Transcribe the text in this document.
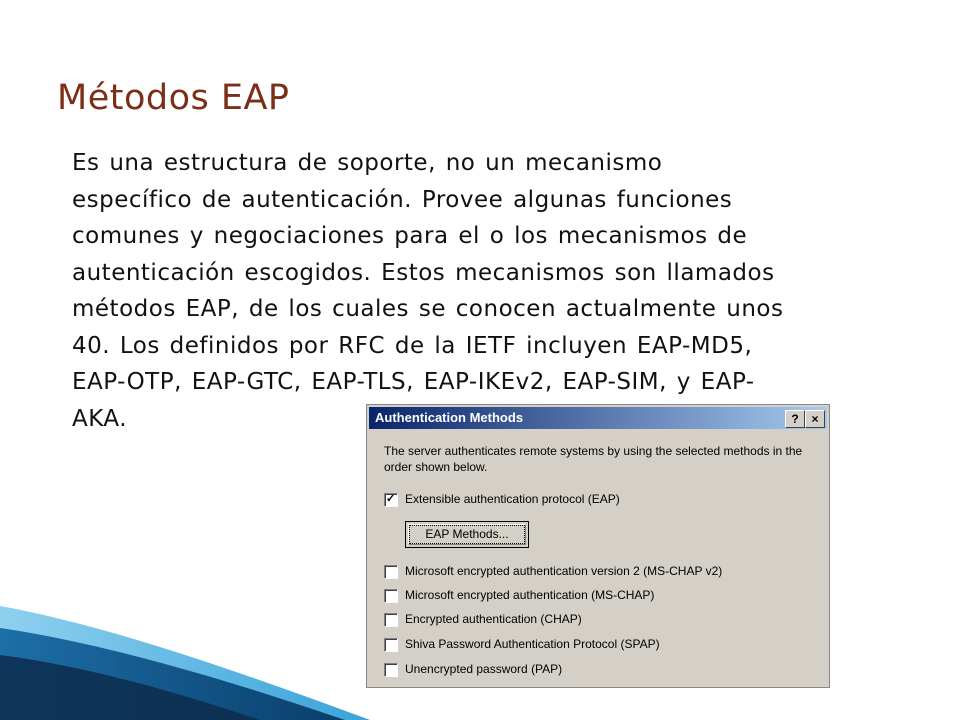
Métodos EAP

Es una estructura de soporte, no un mecanismo
específico de autenticación. Provee algunas funciones
comunes y negociaciones para el o los mecanismos de
autenticación escogidos. Estos mecanismos son llamados
métodos EAP, de los cuales se conocen actualmente unos
40. Los definidos por RFC de la IETF incluyen EAP-MD5,
EAP-OTP, EAP-GTC, EAP-TLS, EAP-IKEv2, EAP-SIM, y EAP-
AKA.	Authentication Methods	?	×
The server authenticates remote systems by using the selected methods in the order shown below.
✓ Extensible authentication protocol (EAP)
EAP Methods...
Microsoft encrypted authentication version 2 (MS-CHAP v2)
Microsoft encrypted authentication (MS-CHAP)
Encrypted authentication (CHAP)
Shiva Password Authentication Protocol (SPAP)
Unencrypted password (PAP)
